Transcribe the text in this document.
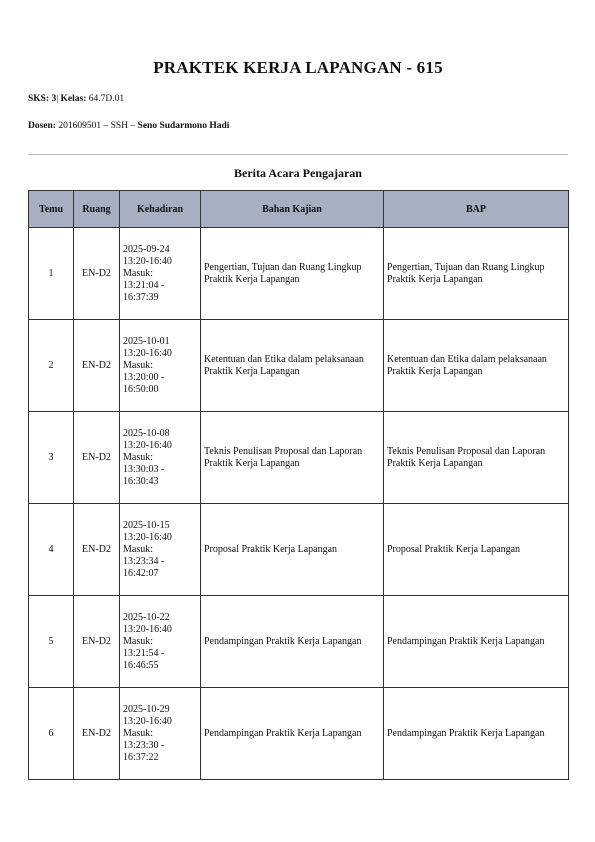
PRAKTEK KERJA LAPANGAN - 615
SKS: 3| Kelas: 64.7D.01
Dosen: 201609501 – SSH – Seno Sudarmono Hadi
Berita Acara Pengajaran
Temu	Ruang	Kehadiran	Bahan Kajian	BAP
1	EN-D2	2025-09-24
13:20-16:40
Masuk:
13:21:04 -
16:37:39	Pengertian, Tujuan dan Ruang Lingkup Praktik Kerja Lapangan	Pengertian, Tujuan dan Ruang Lingkup Praktik Kerja Lapangan
2	EN-D2	2025-10-01
13:20-16:40
Masuk:
13:20:00 -
16:50:00	Ketentuan dan Etika dalam pelaksanaan Praktik Kerja Lapangan	Ketentuan dan Etika dalam pelaksanaan Praktik Kerja Lapangan
3	EN-D2	2025-10-08
13:20-16:40
Masuk:
13:30:03 -
16:30:43	Teknis Penulisan Proposal dan Laporan Praktik Kerja Lapangan	Teknis Penulisan Proposal dan Laporan Praktik Kerja Lapangan
4	EN-D2	2025-10-15
13:20-16:40
Masuk:
13:23:34 -
16:42:07	Proposal Praktik Kerja Lapangan	Proposal Praktik Kerja Lapangan
5	EN-D2	2025-10-22
13:20-16:40
Masuk:
13:21:54 -
16:46:55	Pendampingan Praktik Kerja Lapangan	Pendampingan Praktik Kerja Lapangan
6	EN-D2	2025-10-29
13:20-16:40
Masuk:
13:23:30 -
16:37:22	Pendampingan Praktik Kerja Lapangan	Pendampingan Praktik Kerja Lapangan
